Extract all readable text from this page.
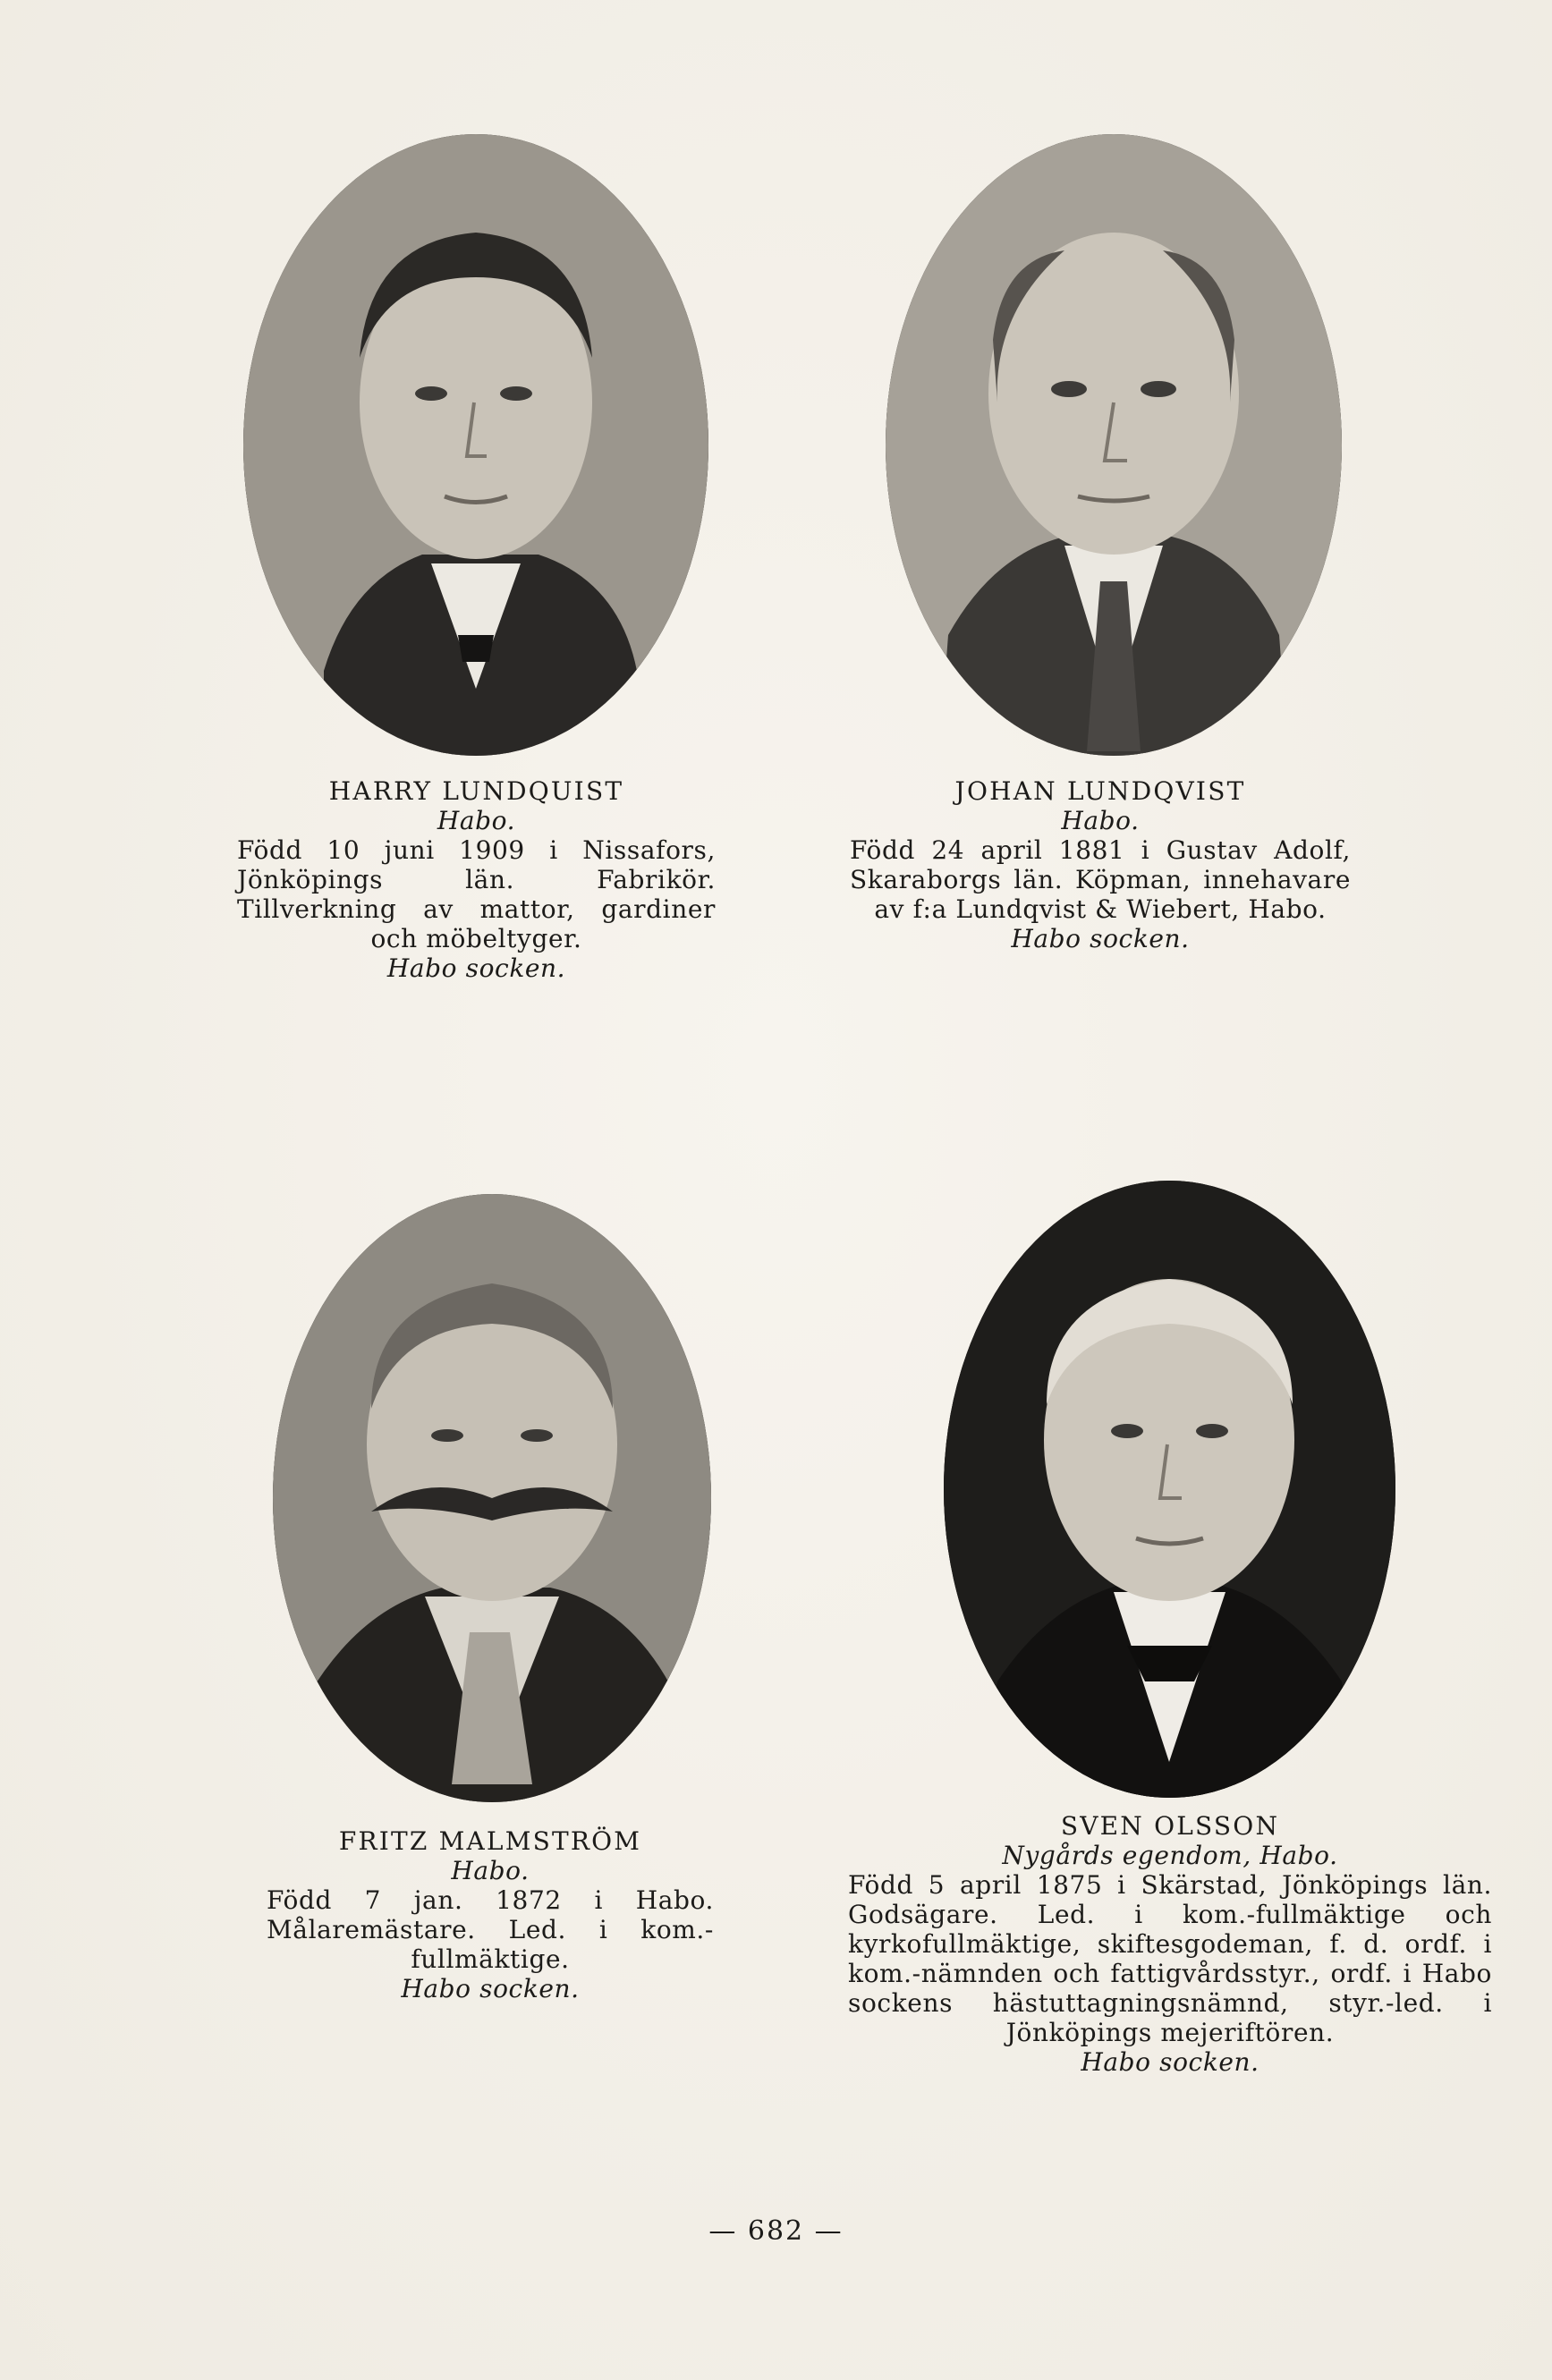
HARRY LUNDQUIST
Habo.
Född 10 juni 1909 i Nissafors, Jönköpings län. Fabrikör. Tillverkning av mattor, gardiner och möbeltyger.
Habo socken.
JOHAN LUNDQVIST
Habo.
Född 24 april 1881 i Gustav Adolf, Skaraborgs län. Köpman, innehavare av f:a Lundqvist & Wiebert, Habo.
Habo socken.
FRITZ MALMSTRÖM
Habo.
Född 7 jan. 1872 i Habo. Målaremästare. Led. i kom.-fullmäktige.
Habo socken.
SVEN OLSSON
Nygårds egendom, Habo.
Född 5 april 1875 i Skärstad, Jönköpings län. Godsägare. Led. i kom.-fullmäktige och kyrkofullmäktige, skiftesgodeman, f. d. ordf. i kom.-nämnden och fattigvårdsstyr., ordf. i Habo sockens hästuttagningsnämnd, styr.-led. i Jönköpings mejeriftören.
Habo socken.
— 682 —
